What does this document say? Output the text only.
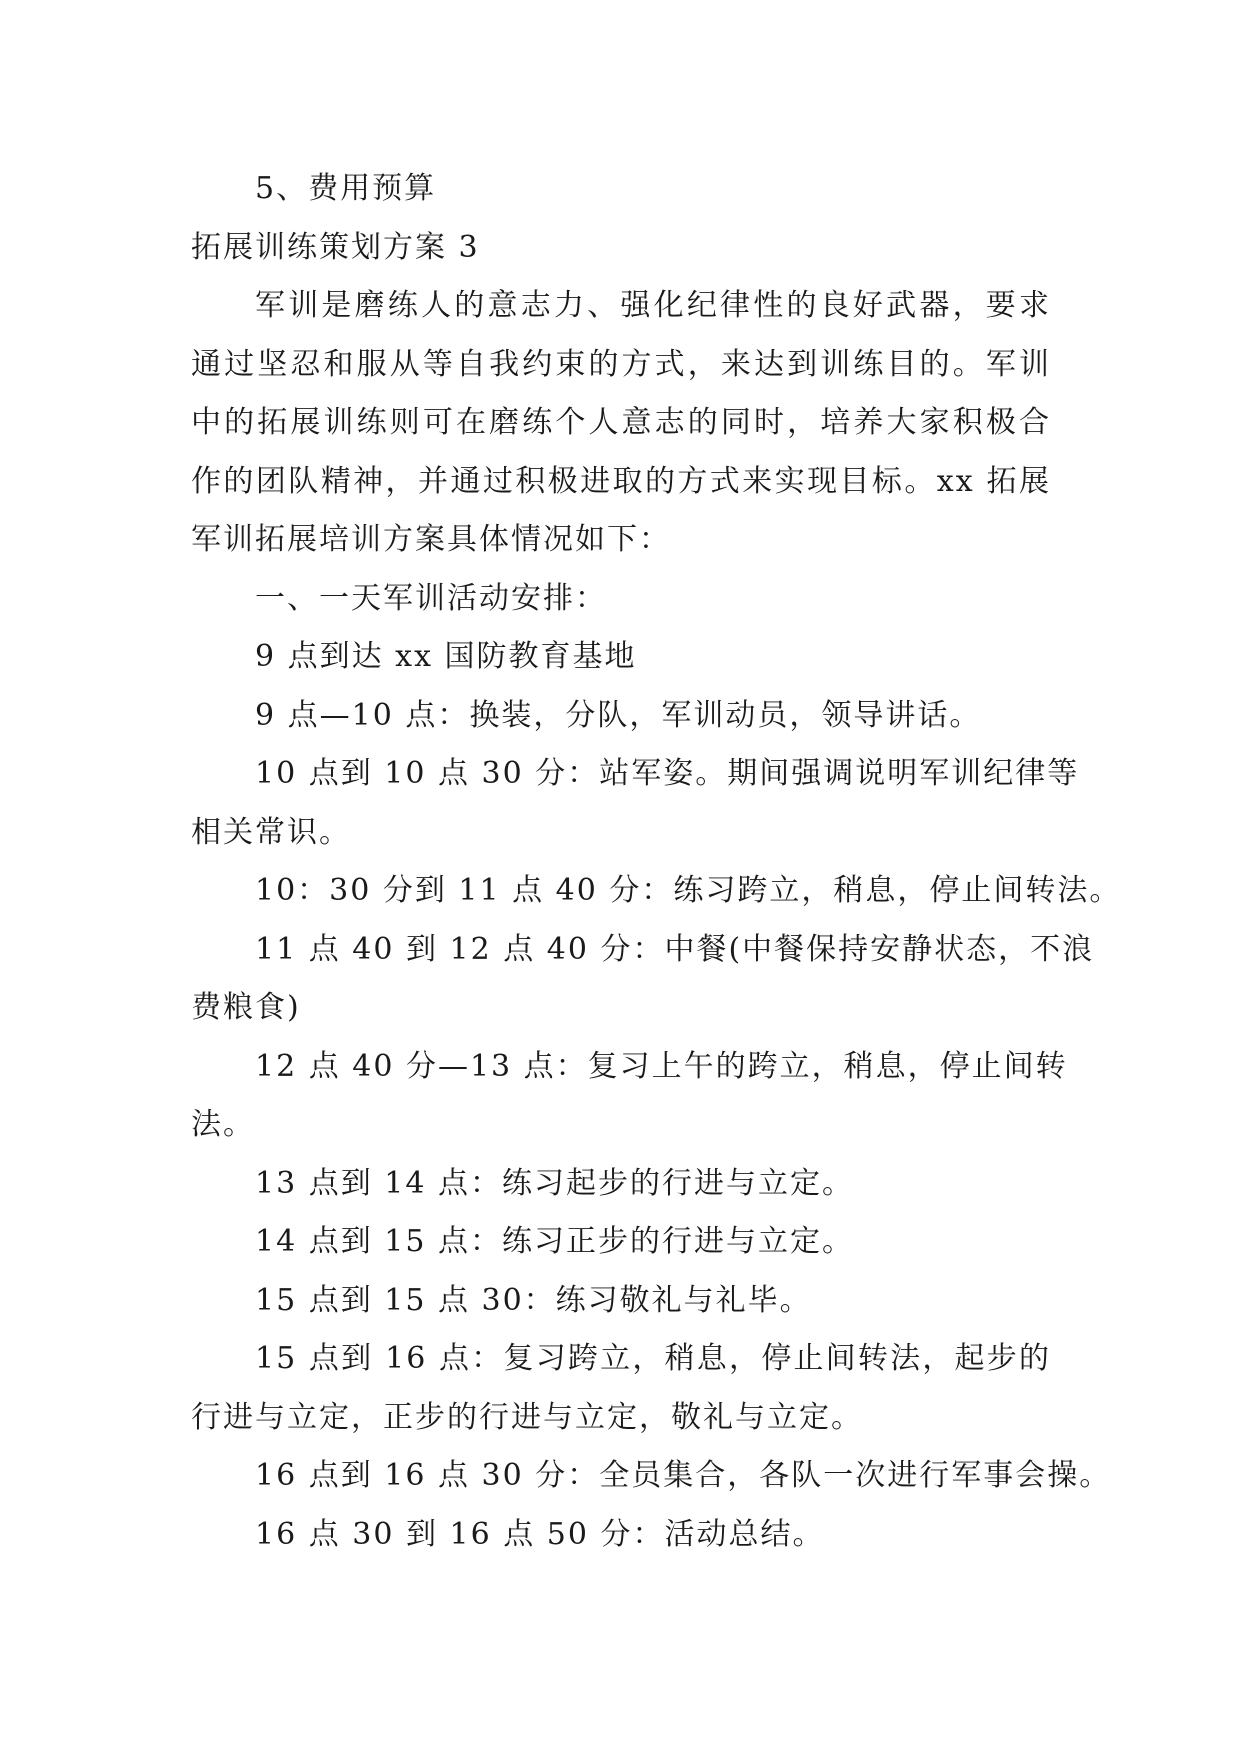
5、费用预算
拓展训练策划方案 3
军训是磨练人的意志力、强化纪律性的良好武器，要求
通过坚忍和服从等自我约束的方式，来达到训练目的。军训
中的拓展训练则可在磨练个人意志的同时，培养大家积极合
作的团队精神，并通过积极进取的方式来实现目标。xx 拓展
军训拓展培训方案具体情况如下：
一、一天军训活动安排：
9 点到达 xx 国防教育基地
9 点—10 点：换装，分队，军训动员，领导讲话。
10 点到 10 点 30 分：站军姿。期间强调说明军训纪律等
相关常识。
10：30 分到 11 点 40 分：练习跨立，稍息，停止间转法。
11 点 40 到 12 点 40 分：中餐(中餐保持安静状态，不浪
费粮食)
12 点 40 分—13 点：复习上午的跨立，稍息，停止间转
法。
13 点到 14 点：练习起步的行进与立定。
14 点到 15 点：练习正步的行进与立定。
15 点到 15 点 30：练习敬礼与礼毕。
15 点到 16 点：复习跨立，稍息，停止间转法，起步的
行进与立定，正步的行进与立定，敬礼与立定。
16 点到 16 点 30 分：全员集合，各队一次进行军事会操。
16 点 30 到 16 点 50 分：活动总结。
